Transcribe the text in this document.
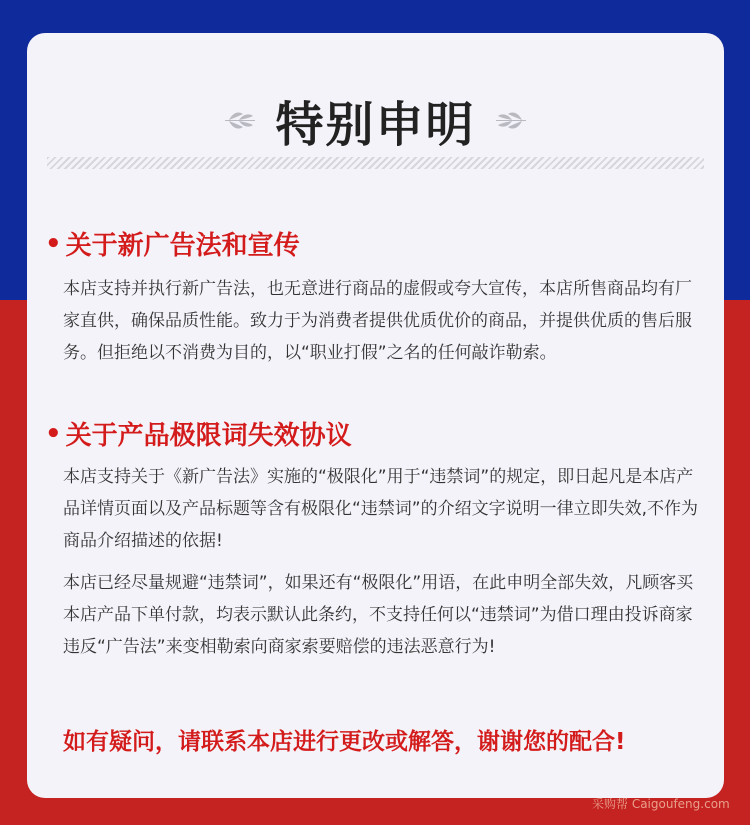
特别申明
• 关于新广告法和宣传
本店支持并执行新广告法，也无意进行商品的虚假或夸大宣传，本店所售商品均有厂家直供，确保品质性能。致力于为消费者提供优质优价的商品，并提供优质的售后服务。但拒绝以不消费为目的，以“职业打假”之名的任何敲诈勒索。
• 关于产品极限词失效协议
本店支持关于《新广告法》实施的“极限化”用于“违禁词”的规定，即日起凡是本店产品详情页面以及产品标题等含有极限化“违禁词”的介绍文字说明一律立即失效,不作为商品介绍描述的依据!
本店已经尽量规避“违禁词”，如果还有“极限化”用语，在此申明全部失效，凡顾客买本店产品下单付款，均表示默认此条约，不支持任何以“违禁词”为借口理由投诉商家违反“广告法”来变相勒索向商家索要赔偿的违法恶意行为!
如有疑问，请联系本店进行更改或解答，谢谢您的配合!
采购帮 Caigoufeng.com
